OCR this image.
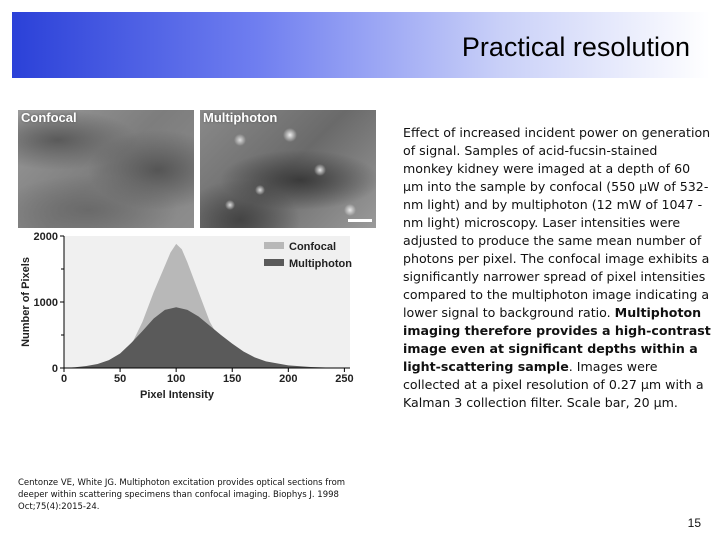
Practical resolution
Confocal	Multiphoton
0	50	100	150	200	250
0
1000
2000
Pixel Intensity
Number of Pixels
Confocal
Multiphoton
Centonze VE, White JG. Multiphoton excitation provides optical sections from deeper within scattering specimens than confocal imaging. Biophys J. 1998 Oct;75(4):2015-24.
Effect of increased incident power on generation of signal. Samples of acid-fucsin-stained monkey kidney were imaged at a depth of 60 µm into the sample by confocal (550 µW of 532-nm light) and by multiphoton (12 mW of 1047 -nm light) microscopy. Laser intensities were adjusted to produce the same mean number of photons per pixel. The confocal image exhibits a significantly narrower spread of pixel intensities compared to the multiphoton image indicating a lower signal to background ratio. Multiphoton imaging therefore provides a high-contrast image even at significant depths within a light-scattering sample. Images were collected at a pixel resolution of 0.27 µm with a Kalman 3 collection filter. Scale bar, 20 µm.
15
